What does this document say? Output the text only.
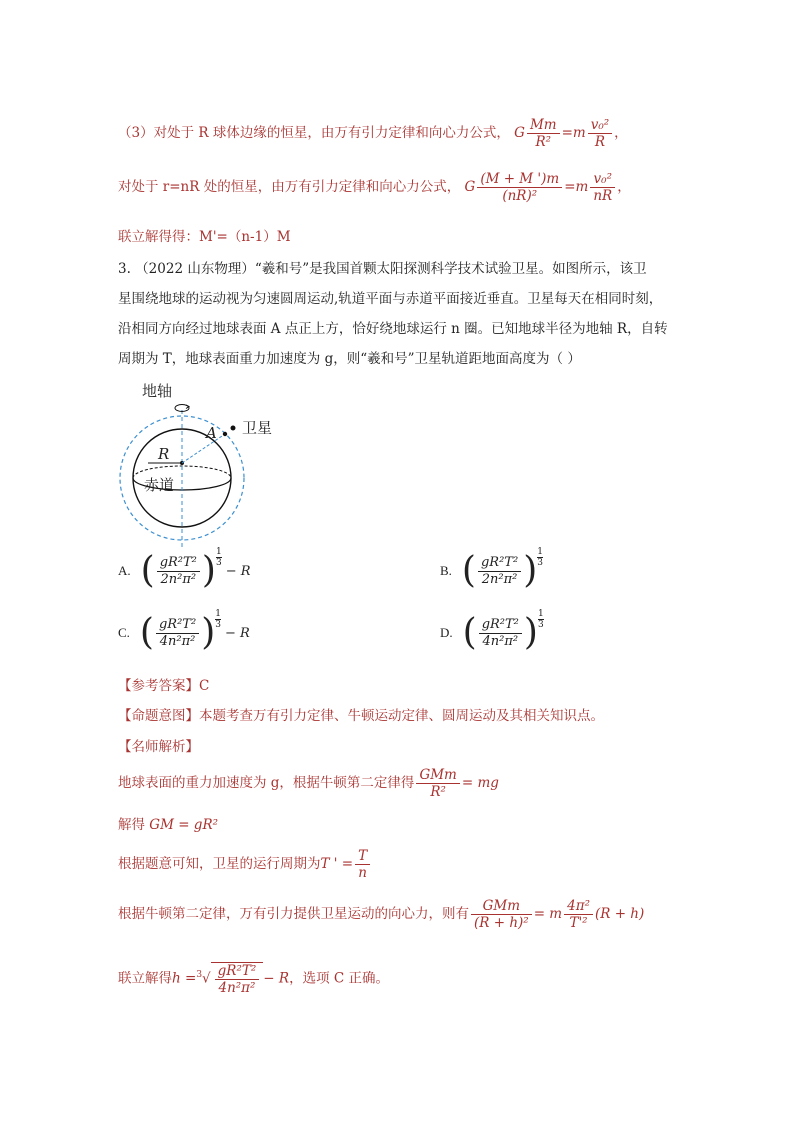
（3）对处于 R 球体边缘的恒星，由万有引力定律和向心力公式， G $\frac{Mm}{\text{R²}} =m \frac{\text{v₀²}}{R}$ ，
对处于 r=nR 处的恒星，由万有引力定律和向心力公式， G $\frac{(M + M ')m}{\text{(nR)²}} =m \frac{\text{v₀²}}{nR}$ ，
联立解得得：M'=（n-1）M
3. （2022 山东物理）“羲和号”是我国首颗太阳探测科学技术试验卫星。如图所示，该卫
星围绕地球的运动视为匀速圆周运动,轨道平面与赤道平面接近垂直。卫星每天在相同时刻，
沿相同方向经过地球表面 A 点正上方，恰好绕地球运行 n 圈。已知地球半径为地轴 R，自转
周期为 T，地球表面重力加速度为 g，则“羲和号”卫星轨道距地面高度为（ ）
地轴
卫星
A
R
赤道
A. ( $\frac{\text{gR²T²}}{\text{2n²π²}}$ ) $\frac{1}{3}$
− R	B. ( $\frac{\text{gR²T²}}{\text{2n²π²}}$ ) $\frac{1}{3}$
C. ( $\frac{\text{gR²T²}}{\text{4n²π²}}$ ) $\frac{1}{3}$
− R	D. ( $\frac{\text{gR²T²}}{\text{4n²π²}}$ ) $\frac{1}{3}$
【参考答案】C
【命题意图】本题考查万有引力定律、牛顿运动定律、圆周运动及其相关知识点。
【名师解析】
地球表面的重力加速度为 g，根据牛顿第二定律得 $\frac{\text{GMm}}{\text{R²}}$ = mg
解得 GM = gR²
根据题意可知，卫星的运行周期为T ' = $\frac{T}{n}$
根据牛顿第二定律，万有引力提供卫星运动的向心力，则有 $\frac{\text{GMm}}{\text{(R + h)²}} = m \frac{\text{4π²}}{\text{T'²}} (R + h)$
联立解得$h =^3√ \frac{\text{gR²T²}}{\text{4n²π²}} - R$，选项 C 正确。
